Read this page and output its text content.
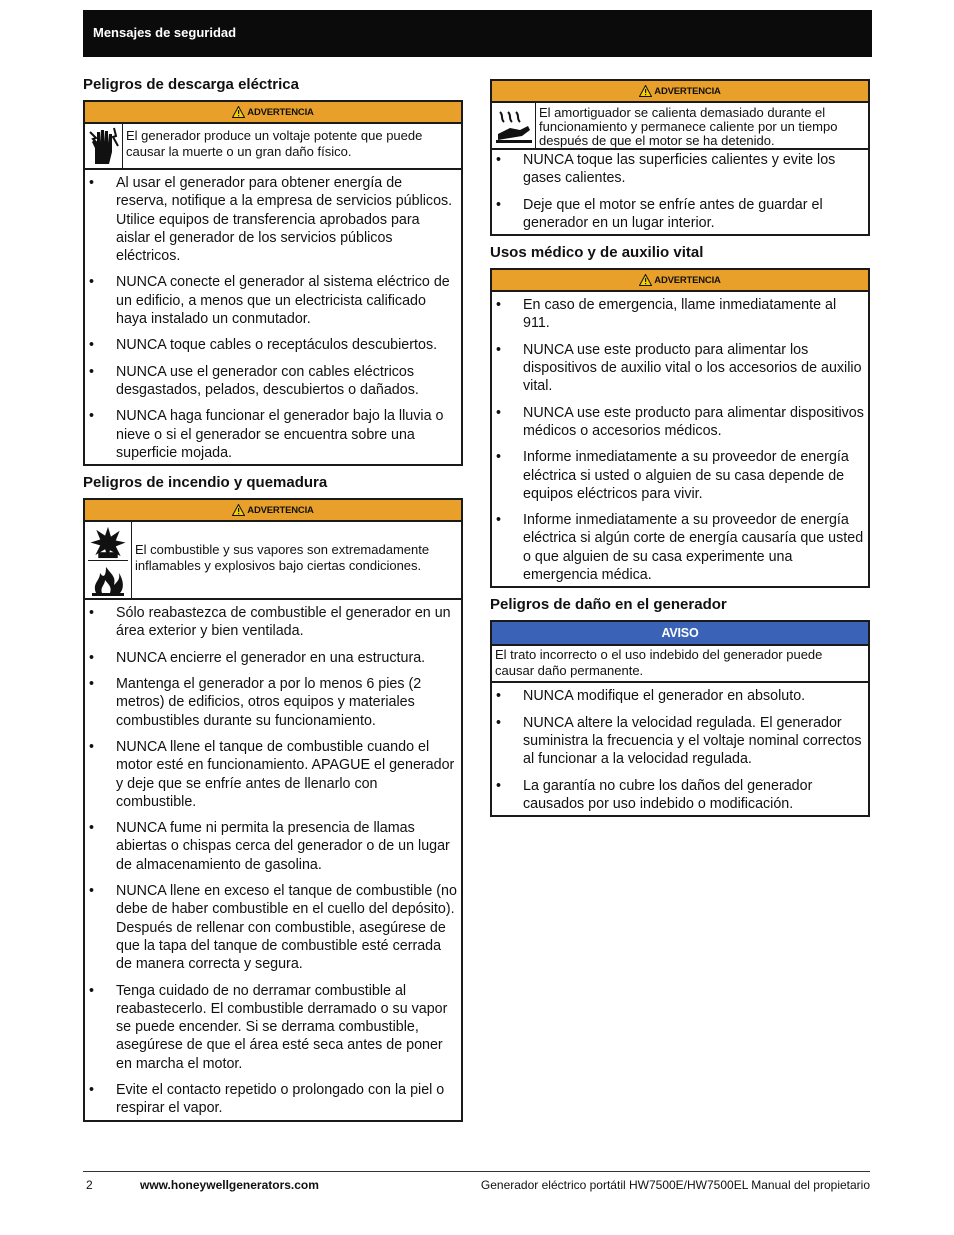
Mensajes de seguridad
Peligros de descarga eléctrica
ADVERTENCIA
El generador produce un voltaje potente que puede causar la muerte o un gran daño físico.
• Al usar el generador para obtener energía de reserva, notifique a la empresa de servicios públicos. Utilice equipos de transferencia aprobados para aislar el generador de los servicios públicos eléctricos.
• NUNCA conecte el generador al sistema eléctrico de un edificio, a menos que un electricista calificado haya instalado un conmutador.
• NUNCA toque cables o receptáculos descubiertos.
• NUNCA use el generador con cables eléctricos desgastados, pelados, descubiertos o dañados.
• NUNCA haga funcionar el generador bajo la lluvia o nieve o si el generador se encuentra sobre una superficie mojada.
Peligros de incendio y quemadura
ADVERTENCIA
El combustible y sus vapores son extremadamente inflamables y explosivos bajo ciertas condiciones.
• Sólo reabastezca de combustible el generador en un área exterior y bien ventilada.
• NUNCA encierre el generador en una estructura.
• Mantenga el generador a por lo menos 6 pies (2 metros) de edificios, otros equipos y materiales combustibles durante su funcionamiento.
• NUNCA llene el tanque de combustible cuando el motor esté en funcionamiento. APAGUE el generador y deje que se enfríe antes de llenarlo con combustible.
• NUNCA fume ni permita la presencia de llamas abiertas o chispas cerca del generador o de un lugar de almacenamiento de gasolina.
• NUNCA llene en exceso el tanque de combustible (no debe de haber combustible en el cuello del depósito). Después de rellenar con combustible, asegúrese de que la tapa del tanque de combustible esté cerrada de manera correcta y segura.
• Tenga cuidado de no derramar combustible al reabastecerlo. El combustible derramado o su vapor se puede encender. Si se derrama combustible, asegúrese de que el área esté seca antes de poner en marcha el motor.
• Evite el contacto repetido o prolongado con la piel o respirar el vapor.
ADVERTENCIA
El amortiguador se calienta demasiado durante el funcionamiento y permanece caliente por un tiempo después de que el motor se ha detenido.
• NUNCA toque las superficies calientes y evite los gases calientes.
• Deje que el motor se enfríe antes de guardar el generador en un lugar interior.
Usos médico y de auxilio vital
ADVERTENCIA
• En caso de emergencia, llame inmediatamente al 911.
• NUNCA use este producto para alimentar los dispositivos de auxilio vital o los accesorios de auxilio vital.
• NUNCA use este producto para alimentar dispositivos médicos o accesorios médicos.
• Informe inmediatamente a su proveedor de energía eléctrica si usted o alguien de su casa depende de equipos eléctricos para vivir.
• Informe inmediatamente a su proveedor de energía eléctrica si algún corte de energía causaría que usted o que alguien de su casa experimente una emergencia médica.
Peligros de daño en el generador
AVISO
El trato incorrecto o el uso indebido del generador puede causar daño permanente.
• NUNCA modifique el generador en absoluto.
• NUNCA altere la velocidad regulada. El generador suministra la frecuencia y el voltaje nominal correctos al funcionar a la velocidad regulada.
• La garantía no cubre los daños del generador causados por uso indebido o modificación.
2	www.honeywellgenerators.com	Generador eléctrico portátil HW7500E/HW7500EL Manual del propietario
